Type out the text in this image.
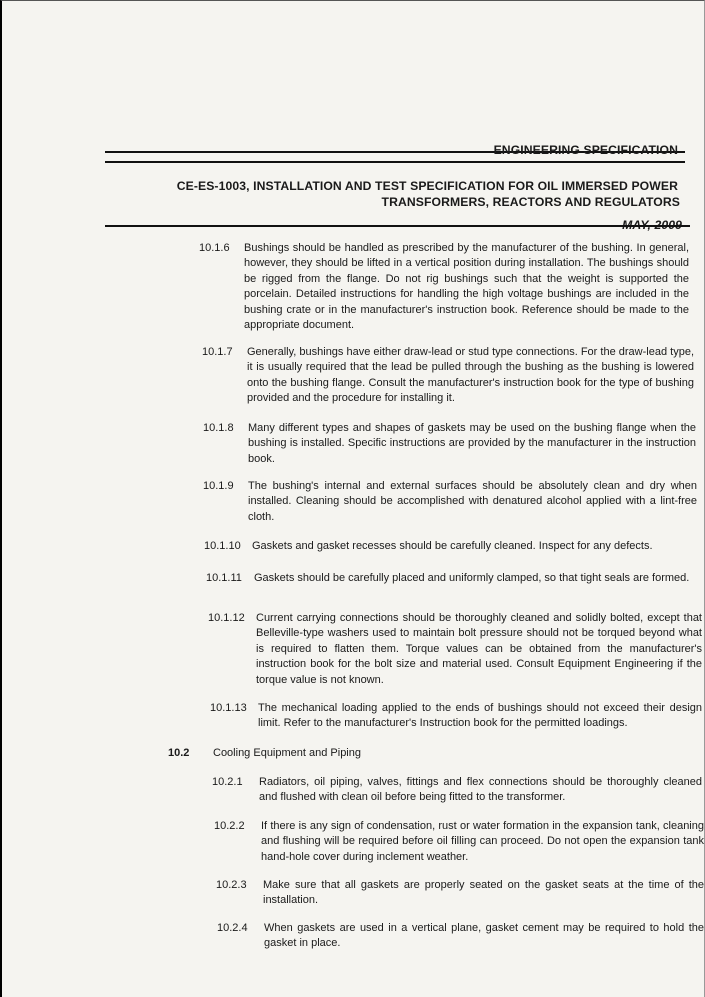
ENGINEERING SPECIFICATION
CE-ES-1003, INSTALLATION AND TEST SPECIFICATION FOR OIL IMMERSED POWER
TRANSFORMERS, REACTORS AND REGULATORS
10.1.6 Bushings should be handled as prescribed by the manufacturer of the bushing. In general, however, they should be lifted in a vertical position during installation. The bushings should be rigged from the flange. Do not rig bushings such that the weight is supported the porcelain. Detailed instructions for handling the high voltage bushings are included in the bushing crate or in the manufacturer's instruction book. Reference should be made to the appropriate document.
10.1.7 Generally, bushings have either draw-lead or stud type connections. For the draw-lead type, it is usually required that the lead be pulled through the bushing as the bushing is lowered onto the bushing flange. Consult the manufacturer's instruction book for the type of bushing provided and the procedure for installing it.
10.1.8 Many different types and shapes of gaskets may be used on the bushing flange when the bushing is installed. Specific instructions are provided by the manufacturer in the instruction book.
10.1.9 The bushing's internal and external surfaces should be absolutely clean and dry when installed. Cleaning should be accomplished with denatured alcohol applied with a lint-free cloth.
10.1.10 Gaskets and gasket recesses should be carefully cleaned. Inspect for any defects.
10.1.11 Gaskets should be carefully placed and uniformly clamped, so that tight seals are formed.
10.1.12 Current carrying connections should be thoroughly cleaned and solidly bolted, except that Belleville-type washers used to maintain bolt pressure should not be torqued beyond what is required to flatten them. Torque values can be obtained from the manufacturer's instruction book for the bolt size and material used. Consult Equipment Engineering if the torque value is not known.
10.1.13 The mechanical loading applied to the ends of bushings should not exceed their design limit. Refer to the manufacturer's Instruction book for the permitted loadings.
10.2 Cooling Equipment and Piping
10.2.1 Radiators, oil piping, valves, fittings and flex connections should be thoroughly cleaned and flushed with clean oil before being fitted to the transformer.
10.2.2 If there is any sign of condensation, rust or water formation in the expansion tank, cleaning and flushing will be required before oil filling can proceed. Do not open the expansion tank hand-hole cover during inclement weather.
10.2.3 Make sure that all gaskets are properly seated on the gasket seats at the time of the installation.
10.2.4 When gaskets are used in a vertical plane, gasket cement may be required to hold the gasket in place.
